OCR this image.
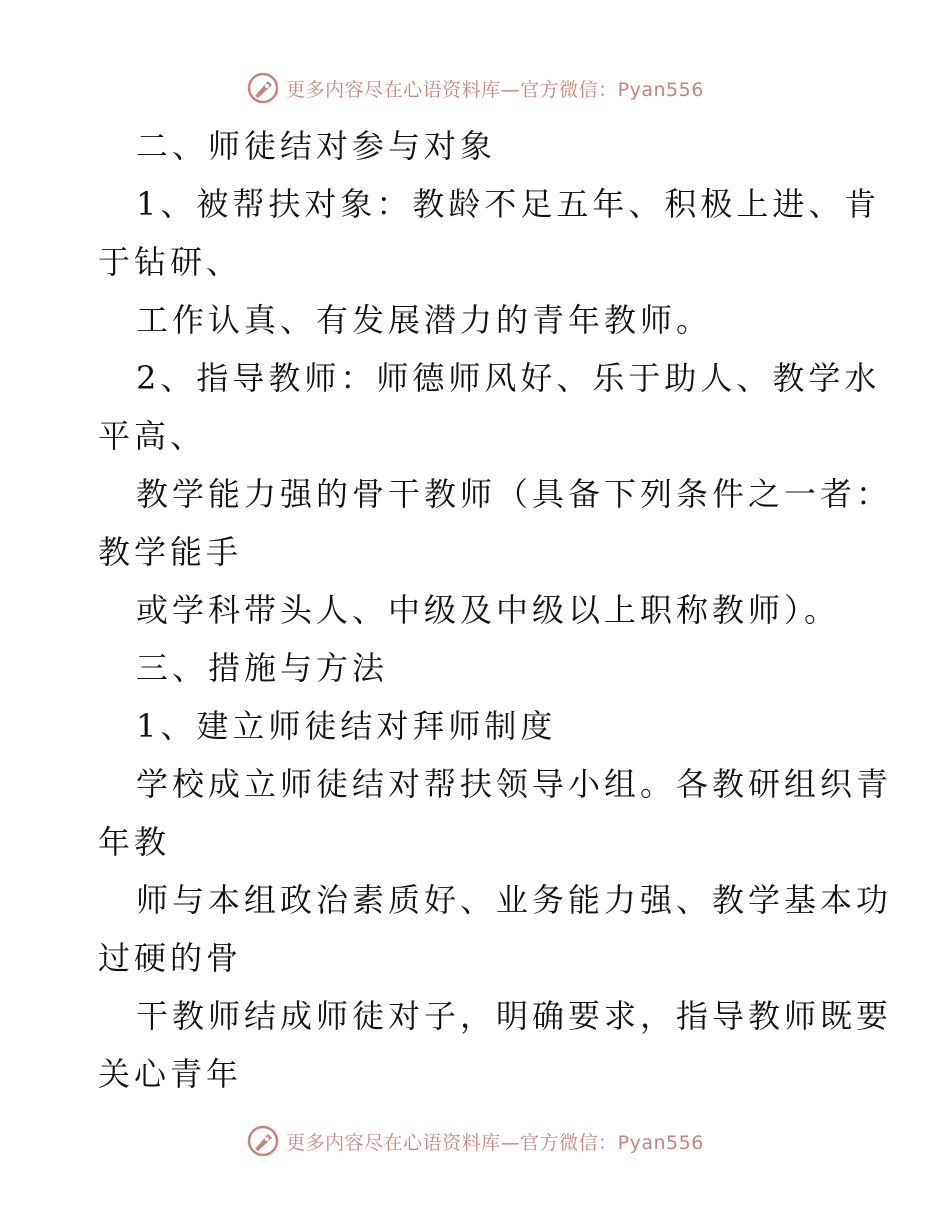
更多内容尽在心语资料库—官方微信：Pyan556
二、师徒结对参与对象
1、被帮扶对象：教龄不足五年、积极上进、肯
于钻研、
工作认真、有发展潜力的青年教师。
2、指导教师：师德师风好、乐于助人、教学水
平高、
教学能力强的骨干教师（具备下列条件之一者：
教学能手
或学科带头人、中级及中级以上职称教师）。
三、措施与方法
1、建立师徒结对拜师制度
学校成立师徒结对帮扶领导小组。各教研组织青
年教
师与本组政治素质好、业务能力强、教学基本功
过硬的骨
干教师结成师徒对子，明确要求，指导教师既要
关心青年
更多内容尽在心语资料库—官方微信：Pyan556
